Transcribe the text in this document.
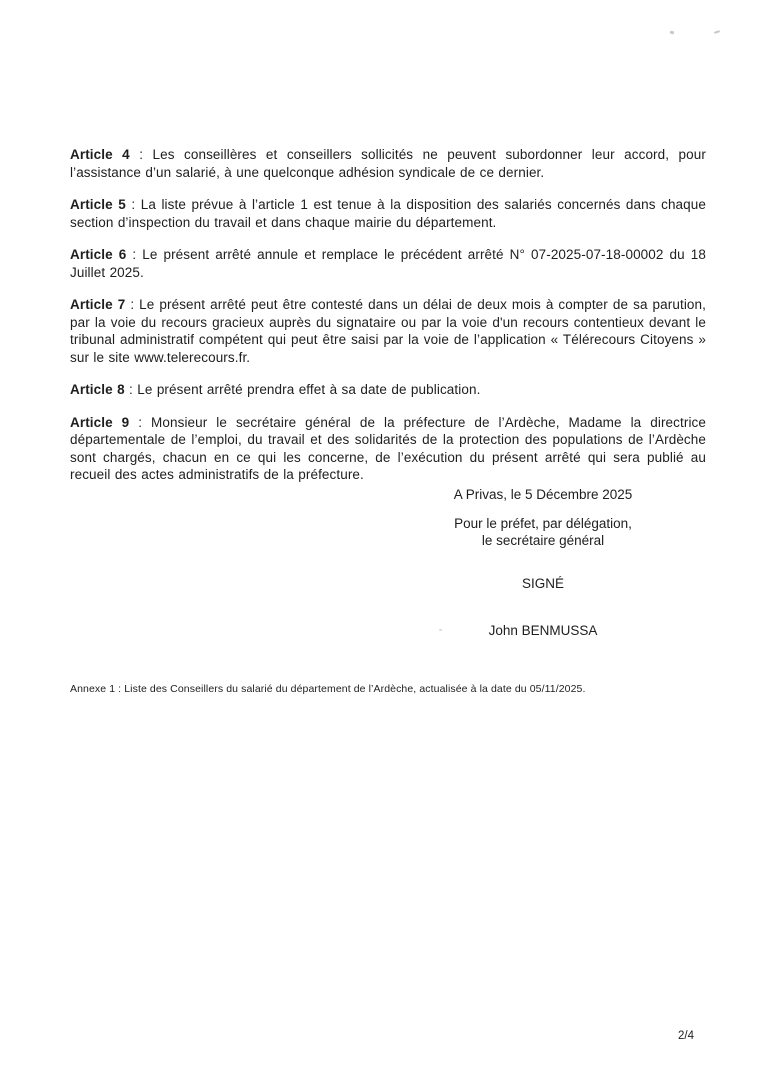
Article 4 : Les conseillères et conseillers sollicités ne peuvent subordonner leur accord, pour l’assistance d’un salarié, à une quelconque adhésion syndicale de ce dernier.

Article 5 : La liste prévue à l’article 1 est tenue à la disposition des salariés concernés dans chaque section d’inspection du travail et dans chaque mairie du département.

Article 6 : Le présent arrêté annule et remplace le précédent arrêté N° 07-2025-07-18-00002 du 18 Juillet 2025.

Article 7 : Le présent arrêté peut être contesté dans un délai de deux mois à compter de sa parution, par la voie du recours gracieux auprès du signataire ou par la voie d'un recours contentieux devant le tribunal administratif compétent qui peut être saisi par la voie de l’application « Télérecours Citoyens » sur le site www.telerecours.fr.

Article 8 : Le présent arrêté prendra effet à sa date de publication.

Article 9 : Monsieur le secrétaire général de la préfecture de l’Ardèche, Madame la directrice départementale de l’emploi, du travail et des solidarités de la protection des populations de l’Ardèche sont chargés, chacun en ce qui les concerne, de l’exécution du présent arrêté qui sera publié au recueil des actes administratifs de la préfecture.

A Privas, le 5 Décembre 2025
Pour le préfet, par délégation,
le secrétaire général
SIGNÉ
John BENMUSSA
Annexe 1 : Liste des Conseillers du salarié du département de l’Ardèche, actualisée à la date du 05/11/2025.
2/4
